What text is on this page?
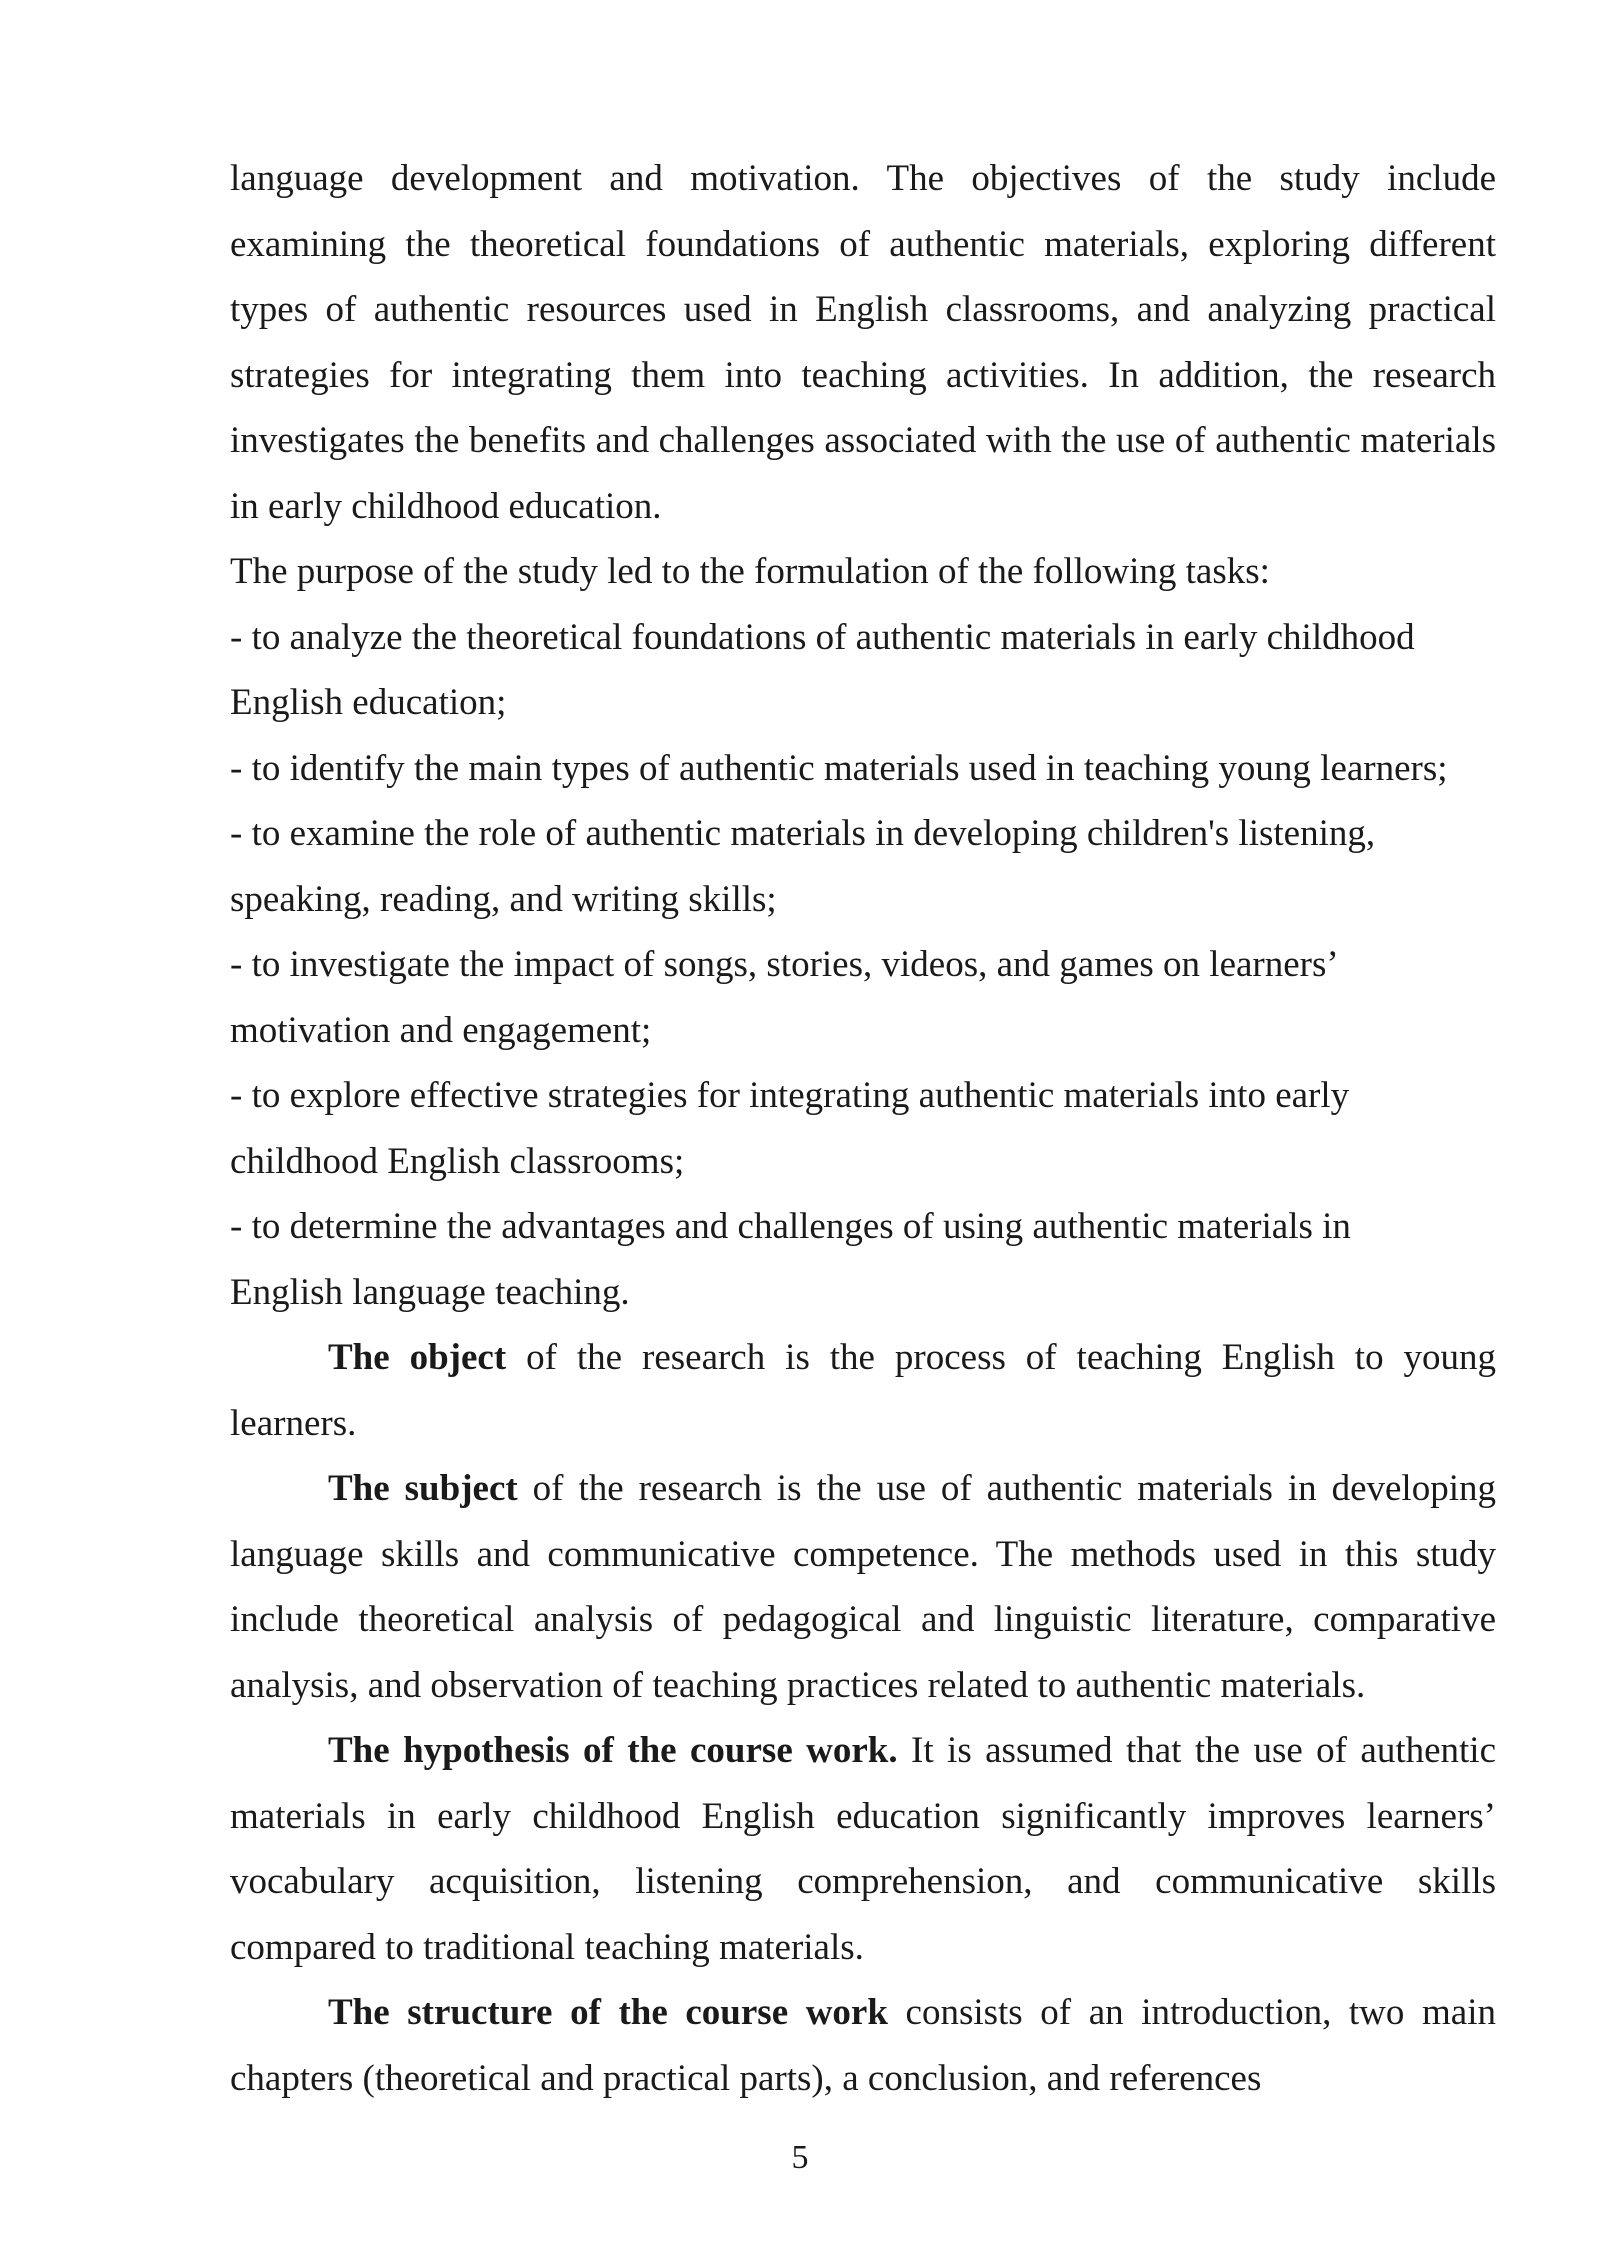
language development and motivation. The objectives of the study include examining the theoretical foundations of authentic materials, exploring different types of authentic resources used in English classrooms, and analyzing practical strategies for integrating them into teaching activities. In addition, the research investigates the benefits and challenges associated with the use of authentic materials in early childhood education.

The purpose of the study led to the formulation of the following tasks:

- to analyze the theoretical foundations of authentic materials in early childhood English education;

- to identify the main types of authentic materials used in teaching young learners;

- to examine the role of authentic materials in developing children's listening, speaking, reading, and writing skills;

- to investigate the impact of songs, stories, videos, and games on learners’ motivation and engagement;

- to explore effective strategies for integrating authentic materials into early childhood English classrooms;

- to determine the advantages and challenges of using authentic materials in English language teaching.

The object of the research is the process of teaching English to young learners.

The subject of the research is the use of authentic materials in developing language skills and communicative competence. The methods used in this study include theoretical analysis of pedagogical and linguistic literature, comparative analysis, and observation of teaching practices related to authentic materials.

The hypothesis of the course work. It is assumed that the use of authentic materials in early childhood English education significantly improves learners’ vocabulary acquisition, listening comprehension, and communicative skills compared to traditional teaching materials.

The structure of the course work consists of an introduction, two main chapters (theoretical and practical parts), a conclusion, and references

5
